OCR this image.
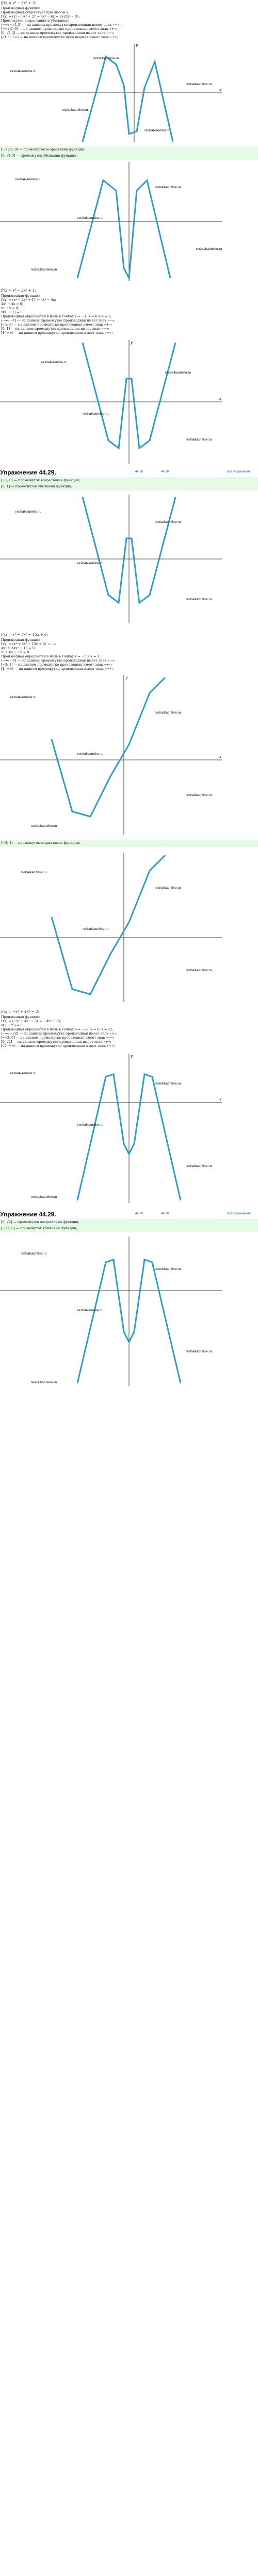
f(x) = x⁴ − 3x² + 2;
Производная функции:
Производная существует при любом x.
f′(x) = (x⁴ − 3x² + 2)′ = 4x³ − 6x = 2x(2x² − 3);
Промежутки возрастания и убывания:
(−∞; −√1,5] — на данном промежутке производная имеет знак «−»;
[−√1,5; 0] — на данном промежутке производная имеет знак «+»;
[0; √1,5] — на данном промежутке производная имеет знак «−»;
[√1,5; +∞) — на данном промежутке производная имеет знак «+»;
x
y
[−√1,5; 0] — промежуток возрастания функции;
[0; √1,5] — промежуток убывания функции;
f(x) = x⁴ − 2x² + 1;
Производная функции:
f′(x) = (x⁴ − 2x² + 1)′ = 4x³ − 4x;
4x³ − 4x = 0;
x³ − x = 0;
x(x² − 1) = 0;
Производная обращается в нуль в точках x = −1, x = 0 и x = 1;
(−∞; −1] — на данном промежутке производная имеет знак «−»;
[−1; 0] — на данном промежутке производная имеет знак «+»;
[0; 1] — на данном промежутке производная имеет знак «−»;
[1; +∞) — на данном промежутке производная имеет знак «+»;
x
y
Упражнение 44.29.	44.28	44.30	Все упражнения
[−1; 0] — промежуток возрастания функции;
[0; 1] — промежуток убывания функции;
f(x) = x⁴ + 8x³ − 15x + 6;
Производная функции:
f′(x) = (x⁴ + 8x³ − 15x + 6)′ = ...;
4x³ + 24x² − 15 = 0;
x² + 6x − 15 = 0;
Производная обращается в нуль в точках x = −5 и x = 1;
(−∞; −5] — на данном промежутке производная имеет знак «−»;
[−5; 1] — на данном промежутке производная имеет знак «+»;
[1; +∞) — на данном промежутке производная имеет знак «+»;
x
y
[−5; 1] — промежуток возрастания функции;
f(x) = −x⁴ + 4x² − 3;
Производная функции:
f′(x) = (−x⁴ + 4x² − 3)′ = −4x³ + 8x;
x(2 − x²) = 0;
Производная обращается в нуль в точках x = −√2, x = 0, x = √2;
(−∞; −√2] — на данном промежутке производная имеет знак «+»;
[−√2; 0] — на данном промежутке производная имеет знак «−»;
[0; √2] — на данном промежутке производная имеет знак «+»;
[√2; +∞) — на данном промежутке производная имеет знак «−»;
x
y
Упражнение 44.29.	44.28	44.30	Все упражнения
[0; √2] — промежуток возрастания функции;
[−√2; 0] — промежуток убывания функции;
reshalkaonline.ru
reshalkaonline.ru
reshalkaonline.ru
reshalkaonline.ru
reshalkaonline.ru
reshalkaonline.ru
reshalkaonline.ru
reshalkaonline.ru
reshalkaonline.ru
reshalkaonline.ru
reshalkaonline.ru
reshalkaonline.ru
reshalkaonline.ru
reshalkaonline.ru
reshalkaonline.ru
reshalkaonline.ru
reshalkaonline.ru
reshalkaonline.ru
reshalkaonline.ru
reshalkaonline.ru
reshalkaonline.ru
reshalkaonline.ru
reshalkaonline.ru
reshalkaonline.ru
reshalkaonline.ru
reshalkaonline.ru
reshalkaonline.ru
reshalkaonline.ru
reshalkaonline.ru
reshalkaonline.ru
reshalkaonline.ru
reshalkaonline.ru
reshalkaonline.ru
reshalkaonline.ru
reshalkaonline.ru
reshalkaonline.ru
reshalkaonline.ru
